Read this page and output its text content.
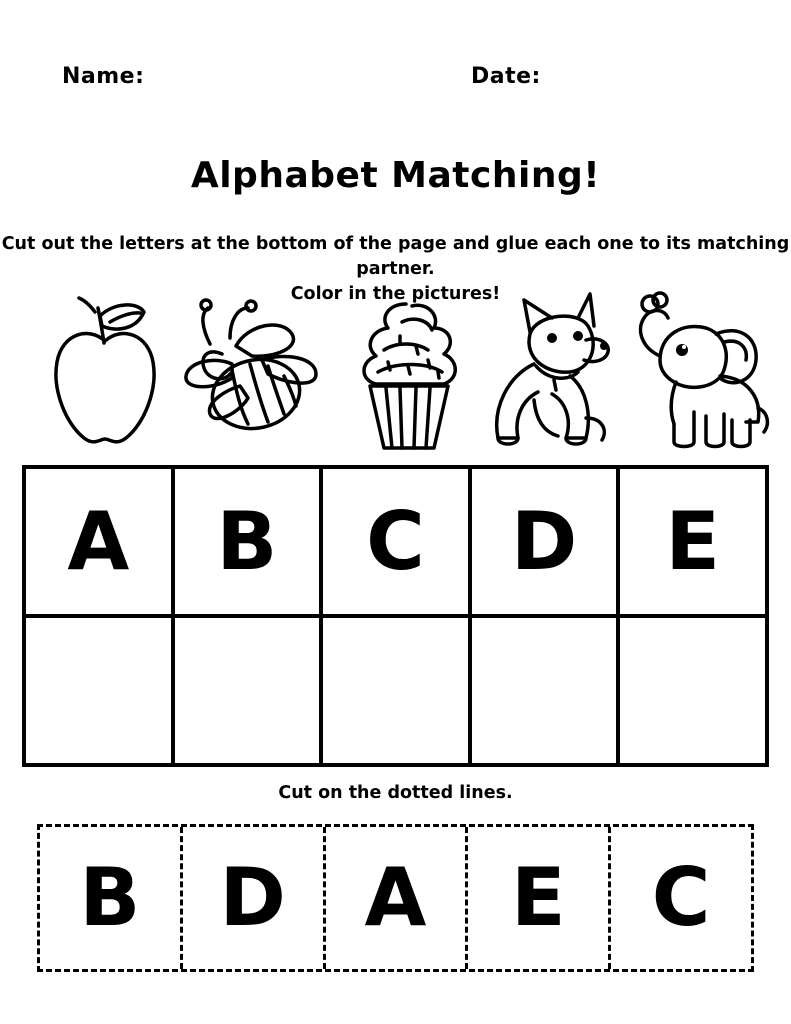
Name:	Date:
Alphabet Matching!
Cut out the letters at the bottom of the page and glue each one to its matching partner.
Color in the pictures!
A B C D E
Cut on the dotted lines.
B D A E C
